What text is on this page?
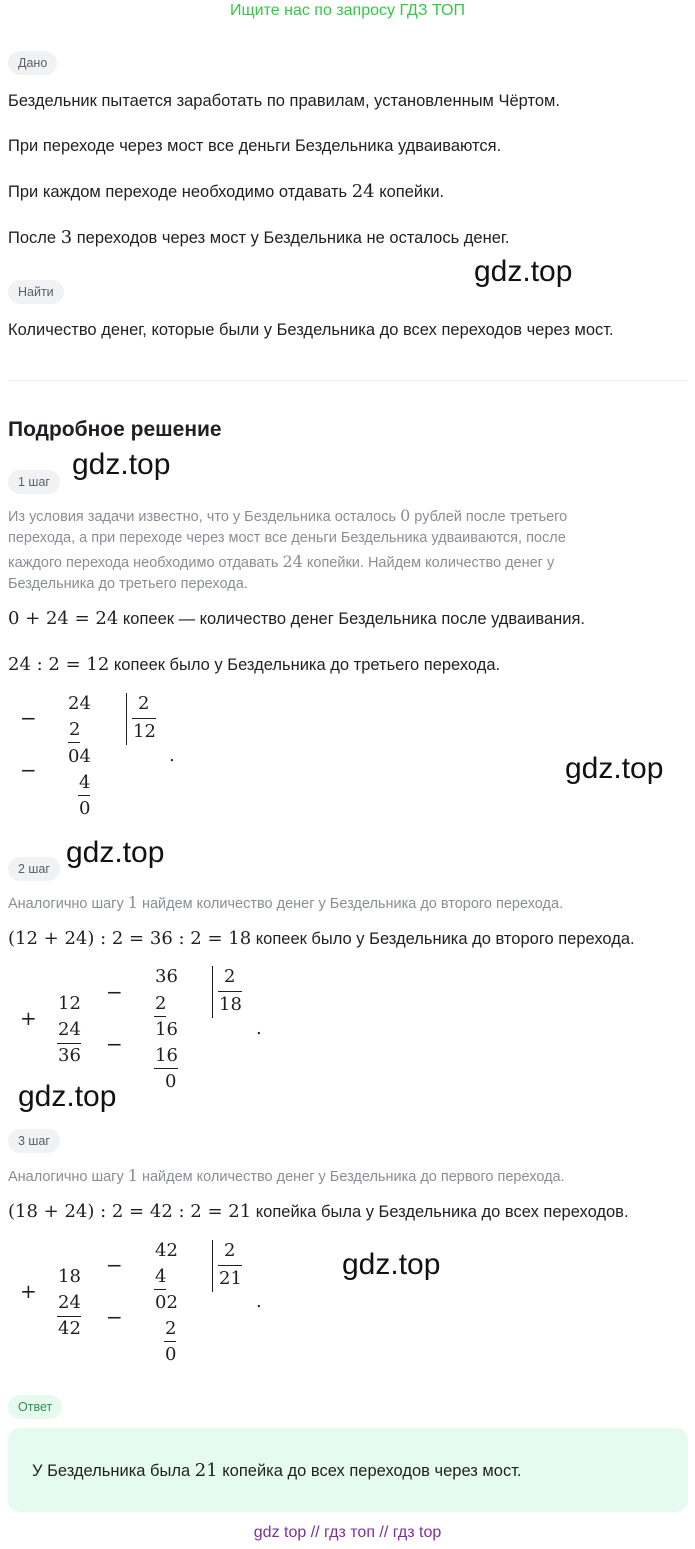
Ищите нас по запросу ГДЗ ТОП
Дано
Бездельник пытается заработать по правилам, установленным Чёртом.
При переходе через мост все деньги Бездельника удваиваются.
При каждом переходе необходимо отдавать 24 копейки.
После 3 переходов через мост у Бездельника не осталось денег.
gdz.top
Найти
Количество денег, которые были у Бездельника до всех переходов через мост.
Подробное решение
1 шаг
gdz.top
Из условия задачи известно, что у Бездельника осталось 0 рублей после третьего
перехода, а при переходе через мост все деньги Бездельника удваиваются, после
каждого перехода необходимо отдавать 24 копейки. Найдем количество денег у
Бездельника до третьего перехода.
0 + 24 = 24 копеек — количество денег Бездельника после удваивания.
24 : 2 = 12 копеек было у Бездельника до третьего перехода.
−
24
2
−
04
4
0
2
12
.	gdz.top
2 шаг gdz.top
Аналогично шагу 1 найдем количество денег у Бездельника до второго перехода.
(12 + 24) : 2 = 36 : 2 = 18 копеек было у Бездельника до второго перехода.
+
12
24
36
−
36
2
−
16
16
0
2
18
.
gdz.top
3 шаг
Аналогично шагу 1 найдем количество денег у Бездельника до первого перехода.
(18 + 24) : 2 = 42 : 2 = 21 копейка была у Бездельника до всех переходов.
+
18
24
42
−
42
4
−
02
2
0
2
21
.
gdz.top
Ответ
У Бездельника была 21 копейка до всех переходов через мост.
gdz top // гдз топ // гдз top
